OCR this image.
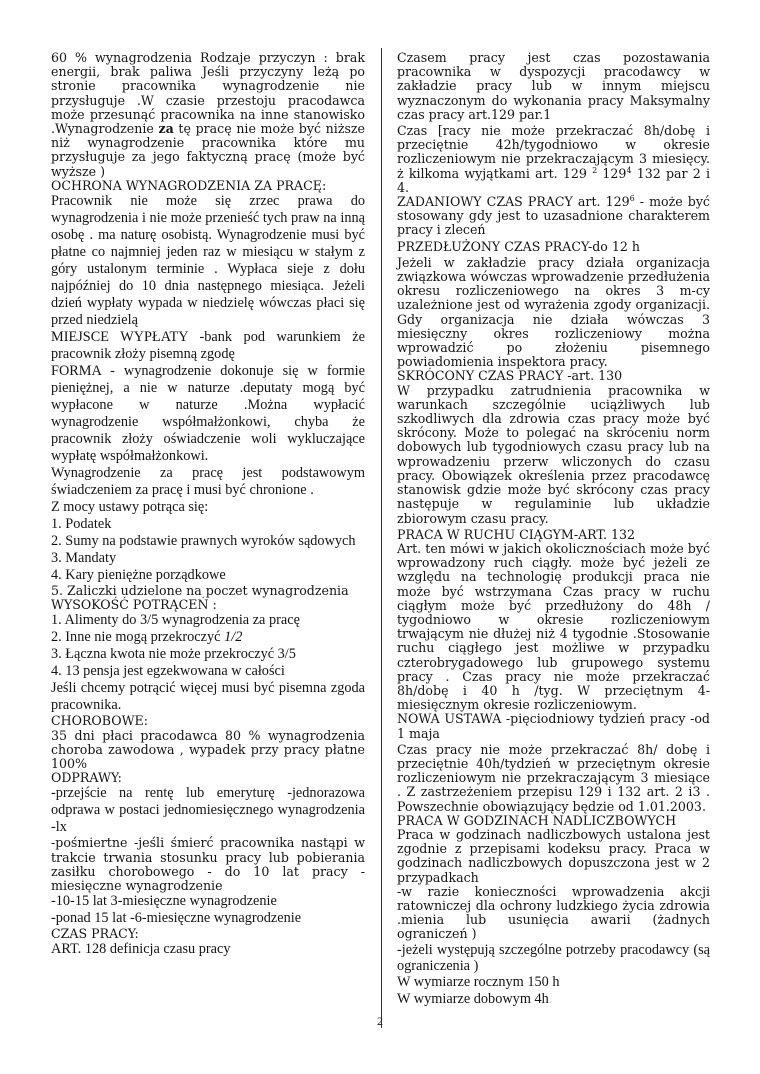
60 % wynagrodzenia Rodzaje przyczyn : brak energii, brak paliwa Jeśli przyczyny leżą po stronie pracownika wynagrodzenie nie przysługuje .W czasie przestoju pracodawca może przesunąć pracownika na inne stanowisko .Wynagrodzenie za tę pracę nie może być niższe niż wynagrodzenie pracownika które mu przysługuje za jego faktyczną pracę (może być wyższe )

OCHRONA WYNAGRODZENIA ZA PRACĘ:

Pracownik nie może się zrzec prawa do wynagrodzenia i nie może przenieść tych praw na inną osobę . ma naturę osobistą. Wynagrodzenie musi być płatne co najmniej jeden raz w miesiącu w stałym z góry ustalonym terminie . Wypłaca sieje z dołu najpóźniej do 10 dnia następnego miesiąca. Jeżeli dzień wypłaty wypada w niedzielę wówczas płaci się przed niedzielą

MIEJSCE WYPŁATY -bank pod warunkiem że pracownik złoży pisemną zgodę

FORMA - wynagrodzenie dokonuje się w formie pieniężnej, a nie w naturze .deputaty mogą być wypłacone w naturze .Można wypłacić wynagrodzenie współmałżonkowi, chyba że pracownik złoży oświadczenie woli wykluczające wypłatę współmałżonkowi.

Wynagrodzenie za pracę jest podstawowym świadczeniem za pracę i musi być chronione .

Z mocy ustawy potrąca się:

1. Podatek

2. Sumy na podstawie prawnych wyroków sądowych

3. Mandaty

4. Kary pieniężne porządkowe

5. Zaliczki udzielone na poczet wynagrodzenia

WYSOKOŚĆ POTRĄCEŃ :

1. Alimenty do 3/5 wynagrodzenia za pracę

2. Inne nie mogą przekroczyć 1/2

3. Łączna kwota nie może przekroczyć 3/5

4. 13 pensja jest egzekwowana w całości

Jeśli chcemy potrącić więcej musi być pisemna zgoda pracownika.

CHOROBOWE:

35 dni płaci pracodawca 80 % wynagrodzenia choroba zawodowa , wypadek przy pracy płatne 100%

ODPRAWY:

-przejście na rentę lub emeryturę -jednorazowa odprawa w postaci jednomiesięcznego wynagrodzenia -lx

-pośmiertne -jeśli śmierć pracownika nastąpi w trakcie trwania stosunku pracy lub pobierania zasiłku chorobowego - do 10 lat pracy -miesięczne wynagrodzenie

-10-15 lat 3-miesięczne wynagrodzenie

-ponad 15 lat -6-miesięczne wynagrodzenie

CZAS PRACY:

ART. 128 definicja czasu pracy

Czasem pracy jest czas pozostawania pracownika w dyspozycji pracodawcy w zakładzie pracy lub w innym miejscu wyznaczonym do wykonania pracy Maksymalny czas pracy art.129 par.1

Czas [racy nie może przekraczać 8h/dobę i przeciętnie 42h/tygodniowo w okresie rozliczeniowym nie przekraczającym 3 miesięcy. ż kilkoma wyjątkami art. 129 $^2$ $129^4$ 132 par 2 i 4.

ZADANIOWY CZAS PRACY art. $129^6$ - może być stosowany gdy jest to uzasadnione charakterem pracy i zleceń

PRZEDŁUŻONY CZAS PRACY-do 12 h

Jeżeli w zakładzie pracy działa organizacja związkowa wówczas wprowadzenie przedłużenia okresu rozliczeniowego na okres 3 m-cy uzależnione jest od wyrażenia zgody organizacji. Gdy organizacja nie działa wówczas 3 miesięczny okres rozliczeniowy można wprowadzić po złożeniu pisemnego powiadomienia inspektora pracy.

SKRÓCONY CZAS PRACY -art. 130

W przypadku zatrudnienia pracownika w warunkach szczególnie uciążliwych lub szkodliwych dla zdrowia czas pracy może być skrócony. Może to polegać na skróceniu norm dobowych lub tygodniowych czasu pracy lub na wprowadzeniu przerw wliczonych do czasu pracy. Obowiązek określenia przez pracodawcę stanowisk gdzie może być skrócony czas pracy następuje w regulaminie lub układzie zbiorowym czasu pracy.

PRACA W RUCHU CIĄGYM-ART. 132

Art. ten mówi w jakich okolicznościach może być wprowadzony ruch ciągły. może być jeżeli ze względu na technologię produkcji praca nie może być wstrzymana Czas pracy w ruchu ciągłym może być przedłużony do 48h / tygodniowo w okresie rozliczeniowym trwającym nie dłużej niż 4 tygodnie .Stosowanie ruchu ciągłego jest możliwe w przypadku czterobrygadowego lub grupowego systemu pracy . Czas pracy nie może przekraczać 8h/dobę i 40 h /tyg. W przeciętnym 4-miesięcznym okresie rozliczeniowym.

NOWA USTAWA -pięciodniowy tydzień pracy -od 1 maja

Czas pracy nie może przekraczać 8h/ dobę i przeciętnie 40h/tydzień w przeciętnym okresie rozliczeniowym nie przekraczającym 3 miesiące . Z zastrzeżeniem przepisu 129 i 132 art. 2 i3 . Powszechnie obowiązujący będzie od 1.01.2003.

PRACA W GODZINACH NADLICZBOWYCH

Praca w godzinach nadliczbowych ustalona jest zgodnie z przepisami kodeksu pracy. Praca w godzinach nadliczbowych dopuszczona jest w 2 przypadkach

-w razie konieczności wprowadzenia akcji ratowniczej dla ochrony ludzkiego życia zdrowia .mienia lub usunięcia awarii (żadnych ograniczeń )

-jeżeli występują szczególne potrzeby pracodawcy (są ograniczenia )

W wymiarze rocznym 150 h

W wymiarze dobowym 4h

2
